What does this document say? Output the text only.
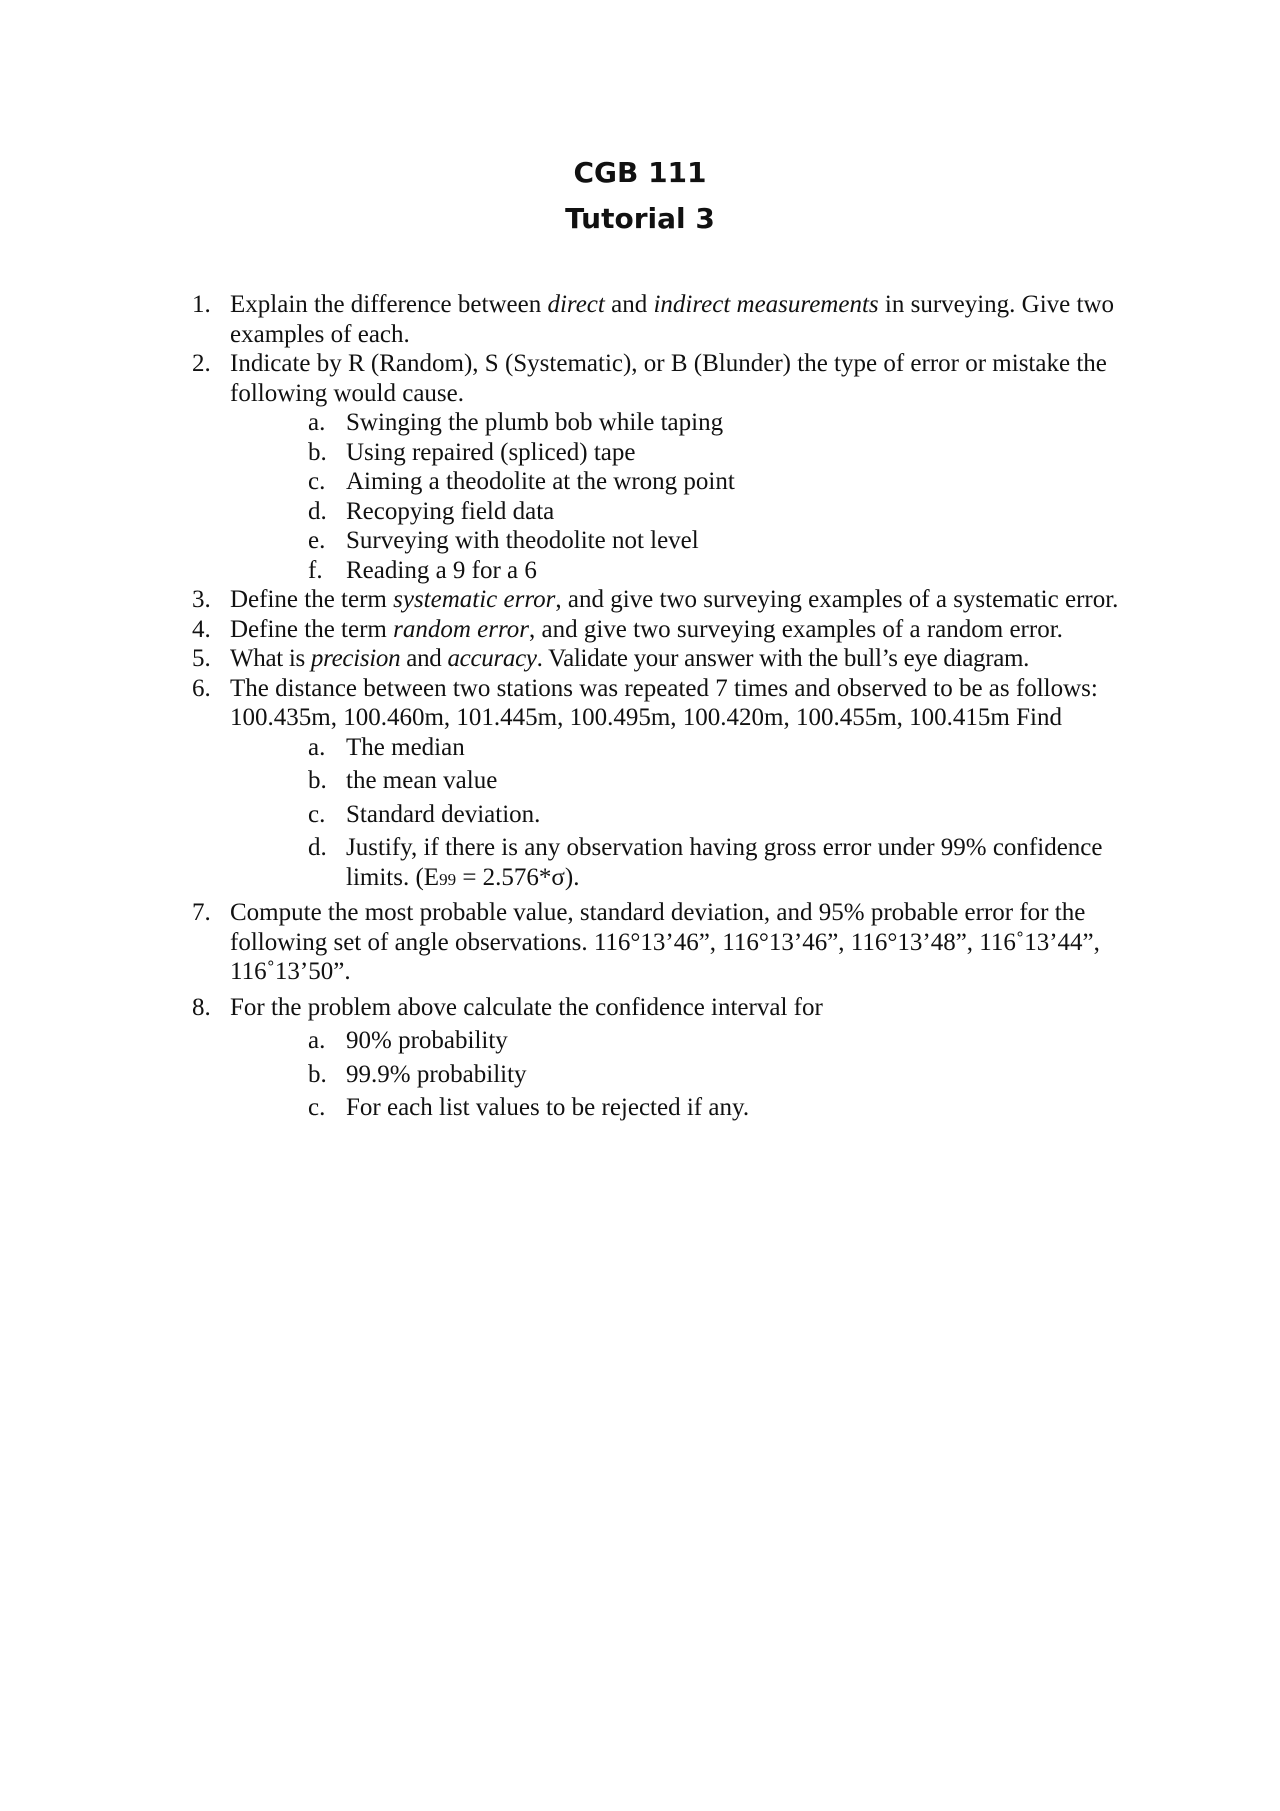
CGB 111
Tutorial 3
1. Explain the difference between direct and indirect measurements in surveying. Give two examples of each.
2. Indicate by R (Random), S (Systematic), or B (Blunder) the type of error or mistake the following would cause.
a. Swinging the plumb bob while taping
b. Using repaired (spliced) tape
c. Aiming a theodolite at the wrong point
d. Recopying field data
e. Surveying with theodolite not level
f. Reading a 9 for a 6
3. Define the term systematic error, and give two surveying examples of a systematic error.
4. Define the term random error, and give two surveying examples of a random error.
5. What is precision and accuracy. Validate your answer with the bull’s eye diagram.
6. The distance between two stations was repeated 7 times and observed to be as follows:
100.435m, 100.460m, 101.445m, 100.495m, 100.420m, 100.455m, 100.415m Find
a. The median
b. the mean value
c. Standard deviation.
d. Justify, if there is any observation having gross error under 99% confidence limits. (E99 = 2.576*σ).
7. Compute the most probable value, standard deviation, and 95% probable error for the following set of angle observations. 116°13’46”, 116°13’46”, 116°13’48”, 116˚13’44”, 116˚13’50”.
8. For the problem above calculate the confidence interval for
a. 90% probability
b. 99.9% probability
c. For each list values to be rejected if any.
